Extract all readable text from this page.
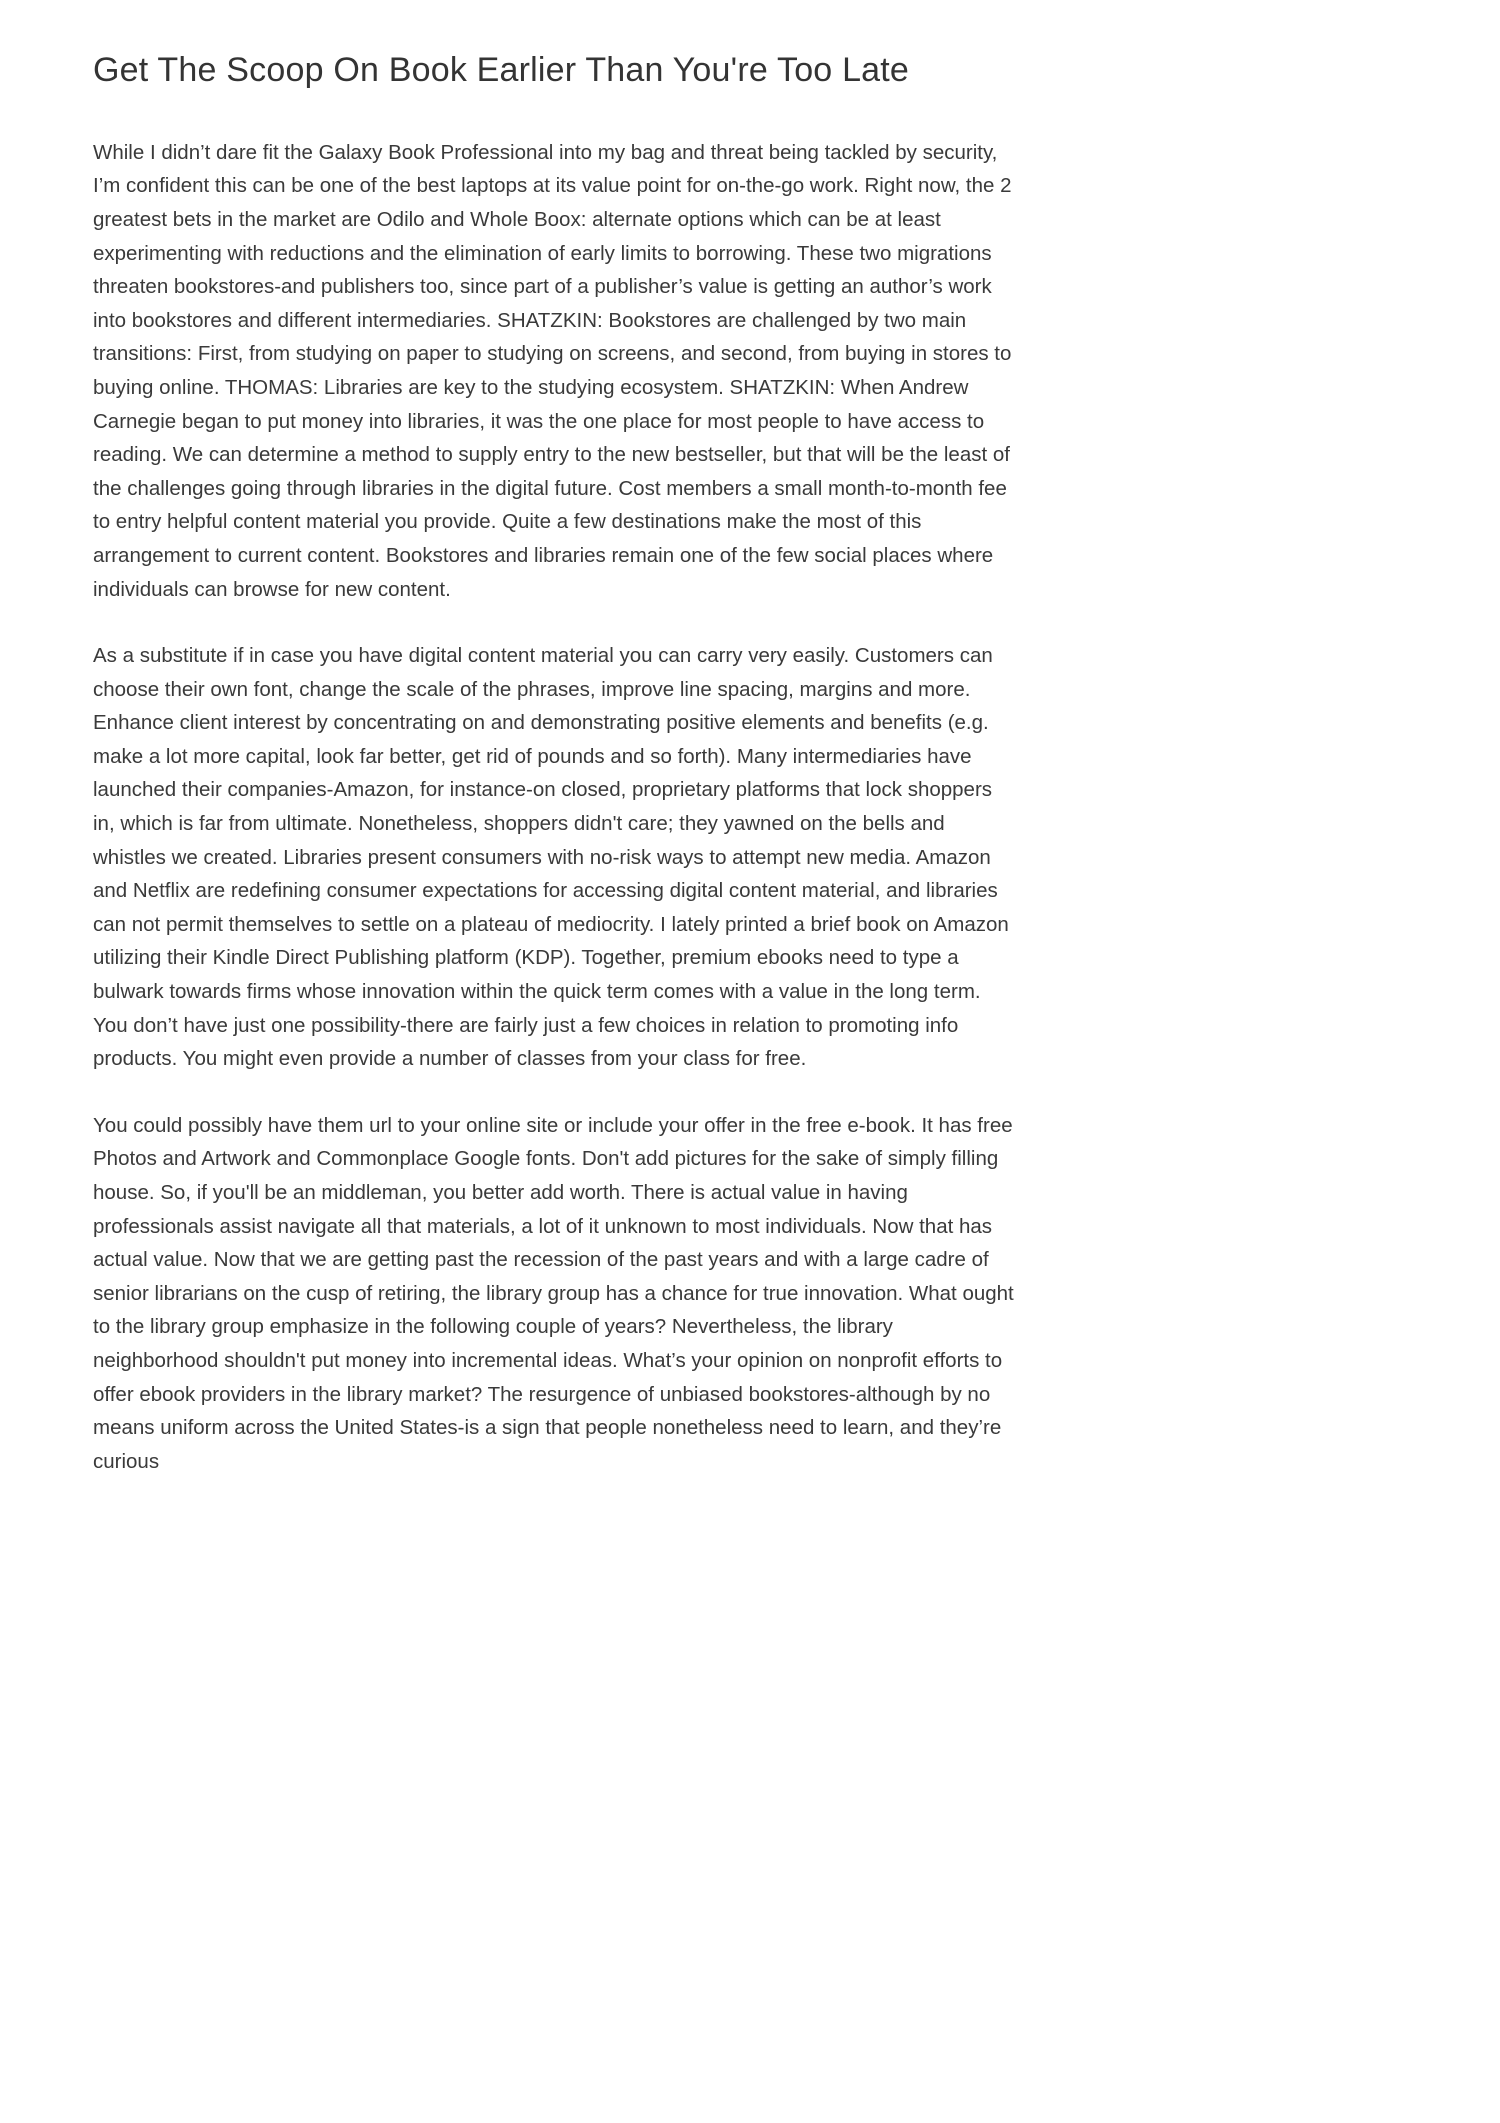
Get The Scoop On Book Earlier Than You're Too Late

While I didn’t dare fit the Galaxy Book Professional into my bag and threat being tackled by security, I’m confident this can be one of the best laptops at its value point for on-the-go work. Right now, the 2 greatest bets in the market are Odilo and Whole Boox: alternate options which can be at least experimenting with reductions and the elimination of early limits to borrowing. These two migrations threaten bookstores-and publishers too, since part of a publisher’s value is getting an author’s work into bookstores and different intermediaries. SHATZKIN: Bookstores are challenged by two main transitions: First, from studying on paper to studying on screens, and second, from buying in stores to buying online. THOMAS: Libraries are key to the studying ecosystem. SHATZKIN: When Andrew Carnegie began to put money into libraries, it was the one place for most people to have access to reading. We can determine a method to supply entry to the new bestseller, but that will be the least of the challenges going through libraries in the digital future. Cost members a small month-to-month fee to entry helpful content material you provide. Quite a few destinations make the most of this arrangement to current content. Bookstores and libraries remain one of the few social places where individuals can browse for new content.

As a substitute if in case you have digital content material you can carry very easily. Customers can choose their own font, change the scale of the phrases, improve line spacing, margins and more. Enhance client interest by concentrating on and demonstrating positive elements and benefits (e.g. make a lot more capital, look far better, get rid of pounds and so forth). Many intermediaries have launched their companies-Amazon, for instance-on closed, proprietary platforms that lock shoppers in, which is far from ultimate. Nonetheless, shoppers didn't care; they yawned on the bells and whistles we created. Libraries present consumers with no-risk ways to attempt new media. Amazon and Netflix are redefining consumer expectations for accessing digital content material, and libraries can not permit themselves to settle on a plateau of mediocrity. I lately printed a brief book on Amazon utilizing their Kindle Direct Publishing platform (KDP). Together, premium ebooks need to type a bulwark towards firms whose innovation within the quick term comes with a value in the long term. You don’t have just one possibility-there are fairly just a few choices in relation to promoting info products. You might even provide a number of classes from your class for free.

You could possibly have them url to your online site or include your offer in the free e-book. It has free Photos and Artwork and Commonplace Google fonts. Don't add pictures for the sake of simply filling house. So, if you'll be an middleman, you better add worth. There is actual value in having professionals assist navigate all that materials, a lot of it unknown to most individuals. Now that has actual value. Now that we are getting past the recession of the past years and with a large cadre of senior librarians on the cusp of retiring, the library group has a chance for true innovation. What ought to the library group emphasize in the following couple of years? Nevertheless, the library neighborhood shouldn't put money into incremental ideas. What’s your opinion on nonprofit efforts to offer ebook providers in the library market? The resurgence of unbiased bookstores-although by no means uniform across the United States-is a sign that people nonetheless need to learn, and they’re curious
